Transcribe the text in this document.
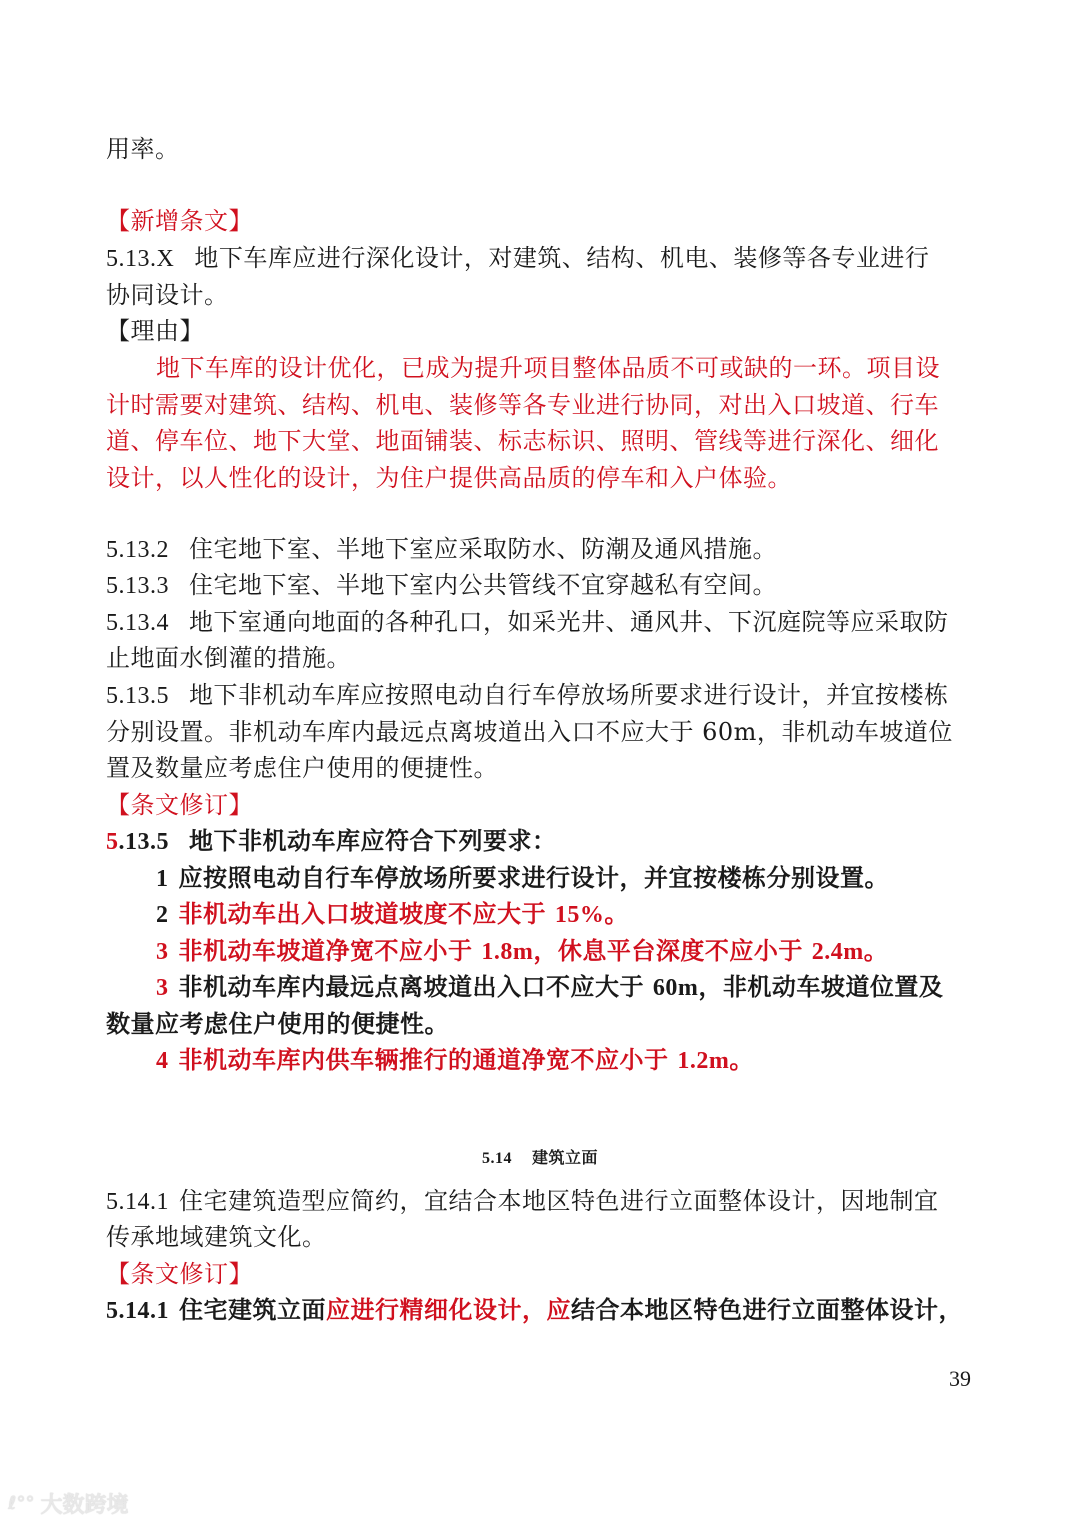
用率。
【新增条文】
5.13.X 地下车库应进行深化设计，对建筑、结构、机电、装修等各专业进行
协同设计。
【理由】
地下车库的设计优化，已成为提升项目整体品质不可或缺的一环。项目设
计时需要对建筑、结构、机电、装修等各专业进行协同，对出入口坡道、行车
道、停车位、地下大堂、地面铺装、标志标识、照明、管线等进行深化、细化
设计，以人性化的设计，为住户提供高品质的停车和入户体验。
5.13.2 住宅地下室、半地下室应采取防水、防潮及通风措施。
5.13.3 住宅地下室、半地下室内公共管线不宜穿越私有空间。
5.13.4 地下室通向地面的各种孔口，如采光井、通风井、下沉庭院等应采取防
止地面水倒灌的措施。
5.13.5 地下非机动车库应按照电动自行车停放场所要求进行设计，并宜按楼栋
分别设置。非机动车库内最远点离坡道出入口不应大于 60m，非机动车坡道位
置及数量应考虑住户使用的便捷性。
【条文修订】
5.13.5 地下非机动车库应符合下列要求：
1 应按照电动自行车停放场所要求进行设计，并宜按楼栋分别设置。
2 非机动车出入口坡道坡度不应大于 15%。
3 非机动车坡道净宽不应小于 1.8m，休息平台深度不应小于 2.4m。
3 非机动车库内最远点离坡道出入口不应大于 60m，非机动车坡道位置及
数量应考虑住户使用的便捷性。
4 非机动车库内供车辆推行的通道净宽不应小于 1.2m。
5.14 建筑立面
5.14.1 住宅建筑造型应简约，宜结合本地区特色进行立面整体设计，因地制宜
传承地域建筑文化。
【条文修订】
5.14.1 住宅建筑立面应进行精细化设计，应结合本地区特色进行立面整体设计，
39
ℓ°° 大数跨境
